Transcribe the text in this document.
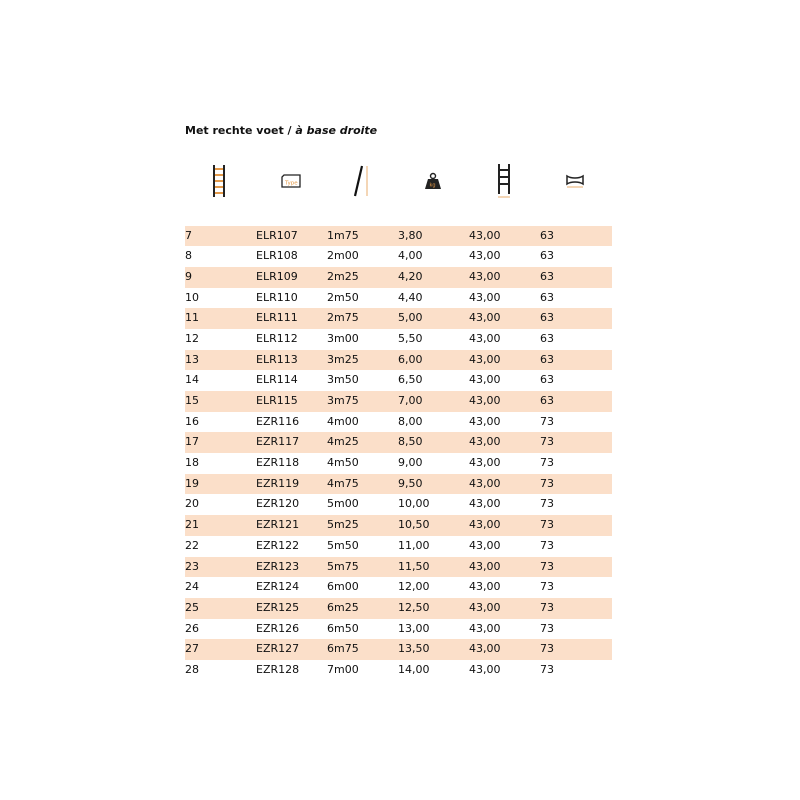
Met rechte voet / à base droite
Type	kg
7	ELR107	1m75	3,80	43,00	63
8	ELR108	2m00	4,00	43,00	63
9	ELR109	2m25	4,20	43,00	63
10	ELR110	2m50	4,40	43,00	63
11	ELR111	2m75	5,00	43,00	63
12	ELR112	3m00	5,50	43,00	63
13	ELR113	3m25	6,00	43,00	63
14	ELR114	3m50	6,50	43,00	63
15	ELR115	3m75	7,00	43,00	63
16	EZR116	4m00	8,00	43,00	73
17	EZR117	4m25	8,50	43,00	73
18	EZR118	4m50	9,00	43,00	73
19	EZR119	4m75	9,50	43,00	73
20	EZR120	5m00	10,00	43,00	73
21	EZR121	5m25	10,50	43,00	73
22	EZR122	5m50	11,00	43,00	73
23	EZR123	5m75	11,50	43,00	73
24	EZR124	6m00	12,00	43,00	73
25	EZR125	6m25	12,50	43,00	73
26	EZR126	6m50	13,00	43,00	73
27	EZR127	6m75	13,50	43,00	73
28	EZR128	7m00	14,00	43,00	73
